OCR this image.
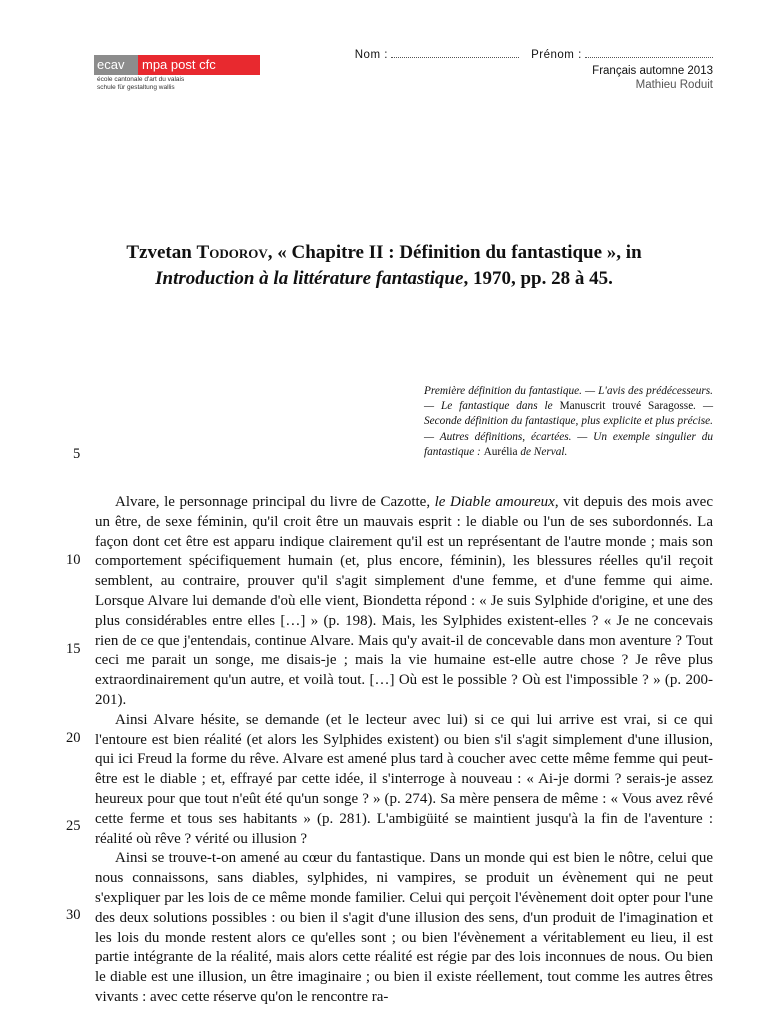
ecav	mpa post cfc
école cantonale d'art du valais
schule für gestaltung wallis
Nom :	Prénom :
Français automne 2013
Mathieu Roduit
Tzvetan Todorov, « Chapitre II : Définition du fantastique », in
Introduction à la littérature fantastique, 1970, pp. 28 à 45.

Première définition du fantastique. — L'avis des prédécesseurs. — Le fantastique dans le Manuscrit trouvé Saragosse. — Seconde définition du fantastique, plus explicite et plus précise. — Autres définitions, écartées. — Un exemple singulier du fantastique : Aurélia de Nerval.

5
10
15
20
25
30

Alvare, le personnage principal du livre de Cazotte, le Diable amoureux, vit depuis des mois avec un être, de sexe féminin, qu'il croit être un mauvais esprit : le diable ou l'un de ses subordonnés. La façon dont cet être est apparu indique clairement qu'il est un représentant de l'autre monde ; mais son comportement spécifiquement humain (et, plus encore, féminin), les blessures réelles qu'il reçoit semblent, au contraire, prouver qu'il s'agit simplement d'une femme, et d'une femme qui aime. Lorsque Alvare lui demande d'où elle vient, Biondetta répond : « Je suis Sylphide d'origine, et une des plus considérables entre elles […] » (p. 198). Mais, les Sylphides existent-elles ? « Je ne concevais rien de ce que j'entendais, continue Alvare. Mais qu'y avait-il de concevable dans mon aventure ? Tout ceci me parait un songe, me disais-je ; mais la vie humaine est-elle autre chose ? Je rêve plus extraordinairement qu'un autre, et voilà tout. […] Où est le possible ? Où est l'impossible ? » (p. 200-201).

Ainsi Alvare hésite, se demande (et le lecteur avec lui) si ce qui lui arrive est vrai, si ce qui l'entoure est bien réalité (et alors les Sylphides existent) ou bien s'il s'agit simplement d'une illusion, qui ici Freud la forme du rêve. Alvare est amené plus tard à coucher avec cette même femme qui peut-être est le diable ; et, effrayé par cette idée, il s'interroge à nouveau : « Ai-je dormi ? serais-je assez heureux pour que tout n'eût été qu'un songe ? » (p. 274). Sa mère pensera de même : « Vous avez rêvé cette ferme et tous ses habitants » (p. 281). L'ambigüité se maintient jusqu'à la fin de l'aventure : réalité où rêve ? vérité ou illusion ?

Ainsi se trouve-t-on amené au cœur du fantastique. Dans un monde qui est bien le nôtre, celui que nous connaissons, sans diables, sylphides, ni vampires, se produit un évènement qui ne peut s'expliquer par les lois de ce même monde familier. Celui qui perçoit l'évènement doit opter pour l'une des deux solutions possibles : ou bien il s'agit d'une illusion des sens, d'un produit de l'imagination et les lois du monde restent alors ce qu'elles sont ; ou bien l'évènement a véritablement eu lieu, il est partie intégrante de la réalité, mais alors cette réalité est régie par des lois inconnues de nous. Ou bien le diable est une illusion, un être imaginaire ; ou bien il existe réellement, tout comme les autres êtres vivants : avec cette réserve qu'on le rencontre ra-
